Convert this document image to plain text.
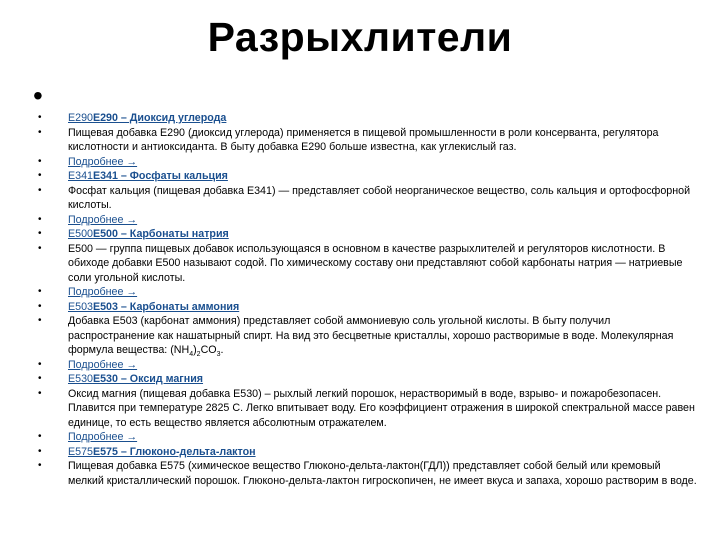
Разрыхлители
•
• E290E290 – Диоксид углерода
• Пищевая добавка E290 (диоксид углерода) применяется в пищевой промышленности в роли консерванта, регулятора кислотности и антиоксиданта. В быту добавка E290 больше известна, как углекислый газ.
• Подробнее →
• E341E341 – Фосфаты кальция
• Фосфат кальция (пищевая добавка E341) — представляет собой неорганическое вещество, соль кальция и ортофосфорной кислоты.
• Подробнее →
• E500E500 – Карбонаты натрия
• E500 — группа пищевых добавок использующаяся в основном в качестве разрыхлителей и регуляторов кислотности. В обиходе добавки E500 называют содой. По химическому составу они представляют собой карбонаты натрия — натриевые соли угольной кислоты.
• Подробнее →
• E503E503 – Карбонаты аммония
• Добавка E503 (карбонат аммония) представляет собой аммониевую соль угольной кислоты. В быту получил распространение как нашатырный спирт. На вид это бесцветные кристаллы, хорошо растворимые в воде. Молекулярная формула вещества: $(NH_4)_2CO_3$.
• Подробнее →
• E530E530 – Оксид магния
• Оксид магния (пищевая добавка E530) – рыхлый легкий порошок, нерастворимый в воде, взрыво- и пожаробезопасен. Плавится при температуре 2825 С. Легко впитывает воду. Его коэффициент отражения в широкой спектральной массе равен единице, то есть вещество является абсолютным отражателем.
• Подробнее →
• E575E575 – Глюконо-дельта-лактон
• Пищевая добавка E575 (химическое вещество Глюконо-дельта-лактон(ГДЛ)) представляет собой белый или кремовый мелкий кристаллический порошок. Глюконо-дельта-лактон гигроскопичен, не имеет вкуса и запаха, хорошо растворим в воде.
